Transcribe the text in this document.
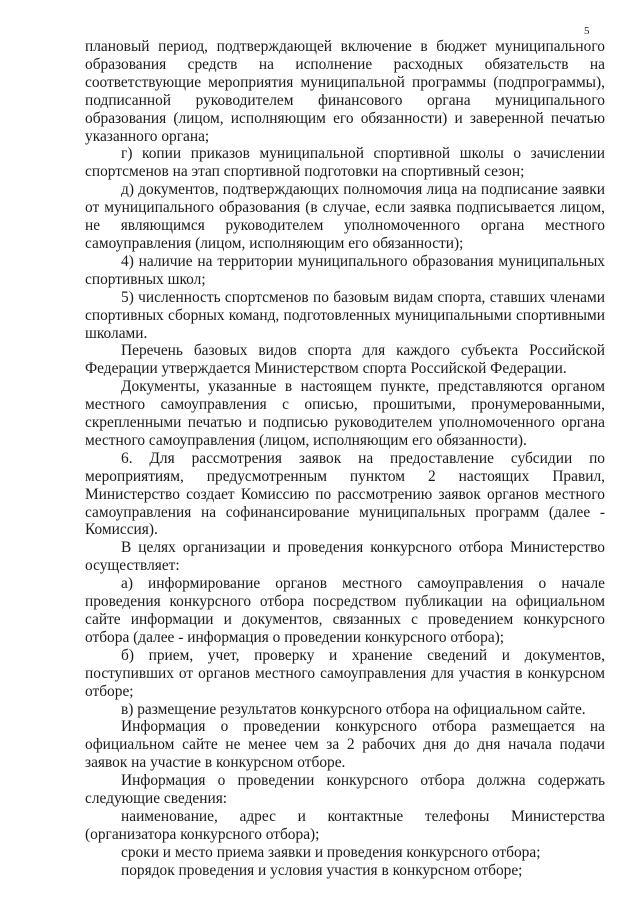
5

плановый период, подтверждающей включение в бюджет муниципального образования средств на исполнение расходных обязательств на соответствующие мероприятия муниципальной программы (подпрограммы), подписанной руководителем финансового органа муниципального образования (лицом, исполняющим его обязанности) и заверенной печатью указанного органа;

г) копии приказов муниципальной спортивной школы о зачислении спортсменов на этап спортивной подготовки на спортивный сезон;

д) документов, подтверждающих полномочия лица на подписание заявки от муниципального образования (в случае, если заявка подписывается лицом, не являющимся руководителем уполномоченного органа местного самоуправления (лицом, исполняющим его обязанности);

4) наличие на территории муниципального образования муниципальных спортивных школ;

5) численность спортсменов по базовым видам спорта, ставших членами спортивных сборных команд, подготовленных муниципальными спортивными школами.

Перечень базовых видов спорта для каждого субъекта Российской Федерации утверждается Министерством спорта Российской Федерации.

Документы, указанные в настоящем пункте, представляются органом местного самоуправления с описью, прошитыми, пронумерованными, скрепленными печатью и подписью руководителем уполномоченного органа местного самоуправления (лицом, исполняющим его обязанности).

6. Для рассмотрения заявок на предоставление субсидии по мероприятиям, предусмотренным пунктом 2 настоящих Правил, Министерство создает Комиссию по рассмотрению заявок органов местного самоуправления на софинансирование муниципальных программ (далее - Комиссия).

В целях организации и проведения конкурсного отбора Министерство осуществляет:

а) информирование органов местного самоуправления о начале проведения конкурсного отбора посредством публикации на официальном сайте информации и документов, связанных с проведением конкурсного отбора (далее - информация о проведении конкурсного отбора);

б) прием, учет, проверку и хранение сведений и документов, поступивших от органов местного самоуправления для участия в конкурсном отборе;

в) размещение результатов конкурсного отбора на официальном сайте.

Информация о проведении конкурсного отбора размещается на официальном сайте не менее чем за 2 рабочих дня до дня начала подачи заявок на участие в конкурсном отборе.

Информация о проведении конкурсного отбора должна содержать следующие сведения:

наименование, адрес и контактные телефоны Министерства (организатора конкурсного отбора);

сроки и место приема заявки и проведения конкурсного отбора;

порядок проведения и условия участия в конкурсном отборе;
